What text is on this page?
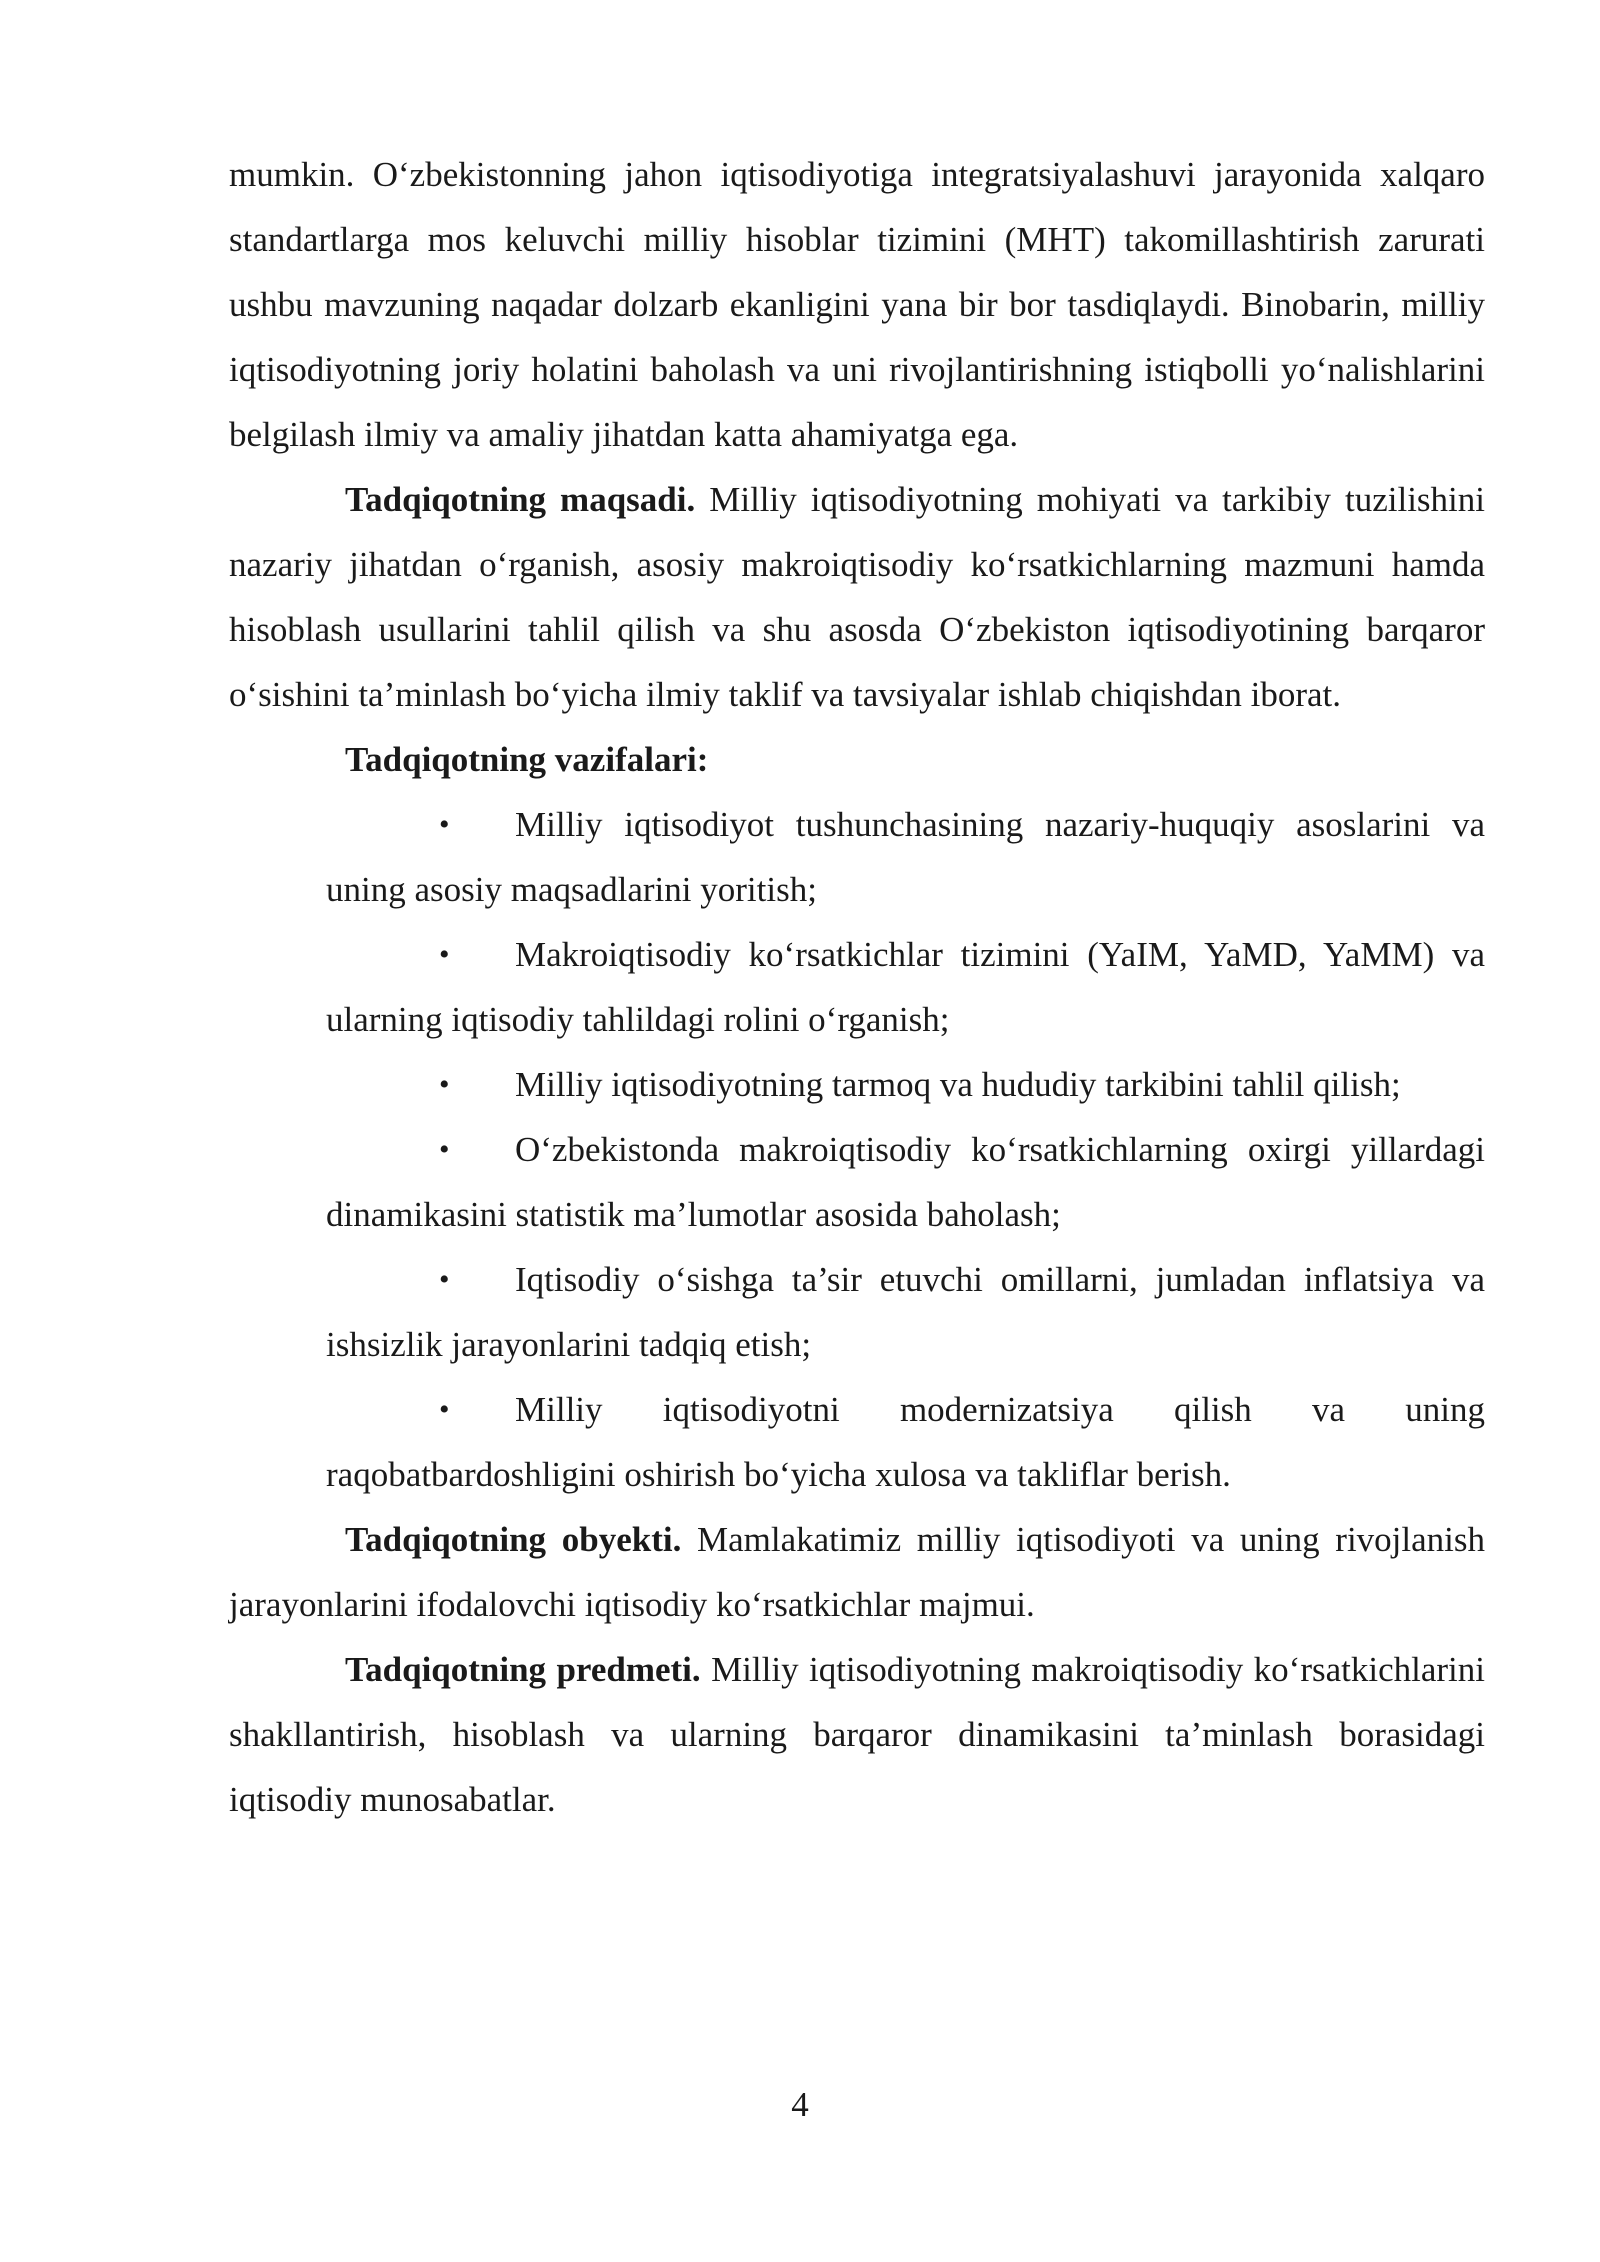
mumkin. O‘zbekistonning jahon iqtisodiyotiga integratsiyalashuvi jarayonida xalqaro standartlarga mos keluvchi milliy hisoblar tizimini (MHT) takomillashtirish zarurati ushbu mavzuning naqadar dolzarb ekanligini yana bir bor tasdiqlaydi. Binobarin, milliy iqtisodiyotning joriy holatini baholash va uni rivojlantirishning istiqbolli yo‘nalishlarini belgilash ilmiy va amaliy jihatdan katta ahamiyatga ega.

Tadqiqotning maqsadi. Milliy iqtisodiyotning mohiyati va tarkibiy tuzilishini nazariy jihatdan o‘rganish, asosiy makroiqtisodiy ko‘rsatkichlarning mazmuni hamda hisoblash usullarini tahlil qilish va shu asosda O‘zbekiston iqtisodiyotining barqaror o‘sishini ta’minlash bo‘yicha ilmiy taklif va tavsiyalar ishlab chiqishdan iborat.

Tadqiqotning vazifalari:

• Milliy iqtisodiyot tushunchasining nazariy-huquqiy asoslarini va uning asosiy maqsadlarini yoritish;
• Makroiqtisodiy ko‘rsatkichlar tizimini (YaIM, YaMD, YaMM) va ularning iqtisodiy tahlildagi rolini o‘rganish;
• Milliy iqtisodiyotning tarmoq va hududiy tarkibini tahlil qilish;
• O‘zbekistonda makroiqtisodiy ko‘rsatkichlarning oxirgi yillardagi dinamikasini statistik ma’lumotlar asosida baholash;
• Iqtisodiy o‘sishga ta’sir etuvchi omillarni, jumladan inflatsiya va ishsizlik jarayonlarini tadqiq etish;
• Milliy iqtisodiyotni modernizatsiya qilish va uning raqobatbardoshligini oshirish bo‘yicha xulosa va takliflar berish.

Tadqiqotning obyekti. Mamlakatimiz milliy iqtisodiyoti va uning rivojlanish jarayonlarini ifodalovchi iqtisodiy ko‘rsatkichlar majmui.

Tadqiqotning predmeti. Milliy iqtisodiyotning makroiqtisodiy ko‘rsatkichlarini shakllantirish, hisoblash va ularning barqaror dinamikasini ta’minlash borasidagi iqtisodiy munosabatlar.

4
